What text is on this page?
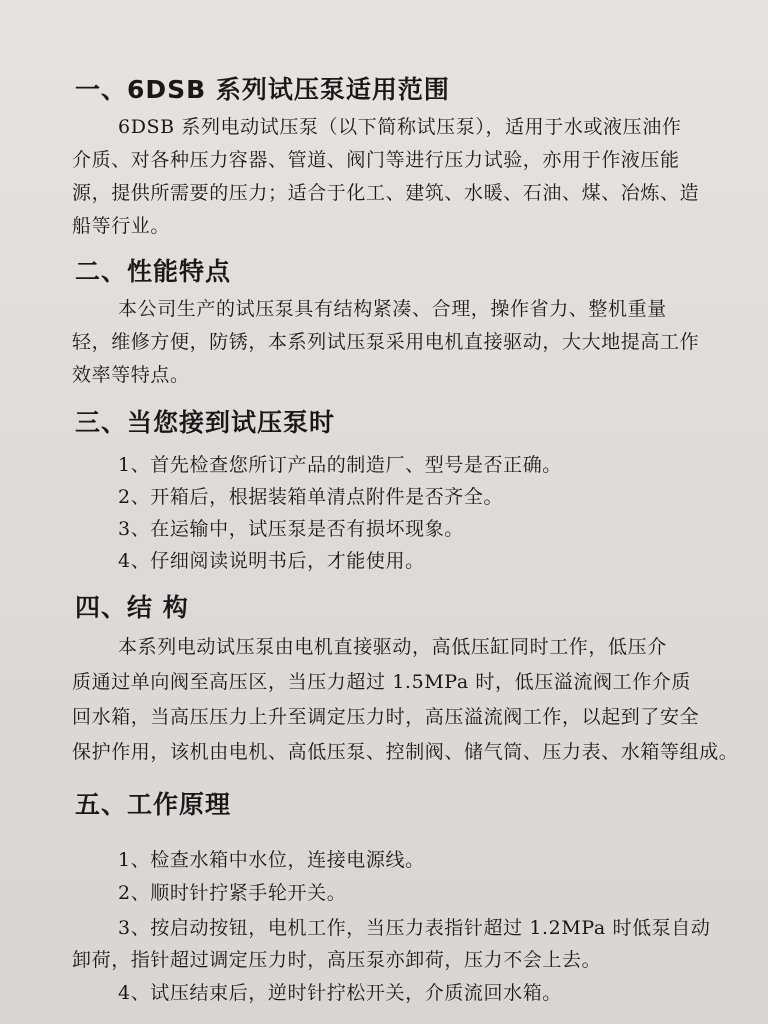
一、6DSB 系列试压泵适用范围
6DSB 系列电动试压泵（以下简称试压泵），适用于水或液压油作
介质、对各种压力容器、管道、阀门等进行压力试验，亦用于作液压能
源，提供所需要的压力；适合于化工、建筑、水暖、石油、煤、冶炼、造
船等行业。
二、性能特点
本公司生产的试压泵具有结构紧凑、合理，操作省力、整机重量
轻，维修方便，防锈，本系列试压泵采用电机直接驱动，大大地提高工作
效率等特点。
三、当您接到试压泵时
1、首先检查您所订产品的制造厂、型号是否正确。
2、开箱后，根据装箱单清点附件是否齐全。
3、在运输中，试压泵是否有损坏现象。
4、仔细阅读说明书后，才能使用。
四、结 构
本系列电动试压泵由电机直接驱动，高低压缸同时工作，低压介
质通过单向阀至高压区，当压力超过 1.5MPa 时，低压溢流阀工作介质
回水箱，当高压压力上升至调定压力时，高压溢流阀工作，以起到了安全
保护作用，该机由电机、高低压泵、控制阀、储气筒、压力表、水箱等组成。
五、工作原理
1、检查水箱中水位，连接电源线。
2、顺时针拧紧手轮开关。
3、按启动按钮，电机工作，当压力表指针超过 1.2MPa 时低泵自动
卸荷，指针超过调定压力时，高压泵亦卸荷，压力不会上去。
4、试压结束后，逆时针拧松开关，介质流回水箱。
